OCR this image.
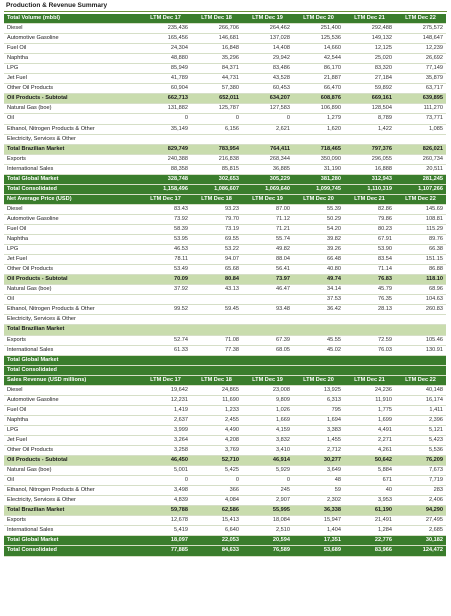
Production & Revenue Summary
Total Volume (mbbl)	LTM Dec 17	LTM Dec 18	LTM Dec 19	LTM Dec 20	LTM Dec 21	LTM Dec 22
Diesel	235,436	266,706	264,462	251,400	292,488	275,572
Automotive Gasoline	165,456	146,681	137,028	125,536	149,132	148,647
Fuel Oil	24,304	16,848	14,408	14,660	12,125	12,239
Naphtha	48,880	35,296	29,942	42,544	25,020	26,692
LPG	85,949	84,371	83,486	86,170	83,320	77,149
Jet Fuel	41,789	44,731	43,528	21,887	27,184	35,879
Other Oil Products	60,904	57,380	60,453	66,470	59,892	63,717
Oil Products - Subtotal	662,713	652,011	634,207	608,876	669,161	639,895
Natural Gas (boe)	131,882	125,787	127,583	106,890	128,504	111,270
Oil	0	0	0	1,279	8,789	73,771
Ethanol, Nitrogen Products & Other	35,149	6,156	2,621	1,620	1,422	1,085
Electricity, Services & Other						
Total Brazilian Market	829,749	783,954	764,411	718,465	797,376	826,021
Exports	240,388	216,838	268,344	350,090	296,055	260,734
International Sales	88,358	85,815	36,885	31,190	16,888	20,511
Total Global Market	328,748	302,653	305,229	381,280	312,943	281,245
Total Consolidated	1,158,496	1,086,607	1,069,640	1,099,745	1,110,319	1,107,266
Net Average Price (USD)	LTM Dec 17	LTM Dec 18	LTM Dec 19	LTM Dec 20	LTM Dec 21	LTM Dec 22
Diesel	83.43	93.23	87.00	55.39	82.86	145.69
Automotive Gasoline	73.92	79.70	71.12	50.29	79.86	108.81
Fuel Oil	58.39	73.19	71.21	54.20	80.23	115.29
Naphtha	53.95	69.55	55.74	39.82	67.91	89.76
LPG	46.53	53.22	49.82	39.26	53.90	66.38
Jet Fuel	78.11	94.07	88.04	66.48	83.54	151.15
Other Oil Products	53.49	65.68	56.41	40.80	71.14	86.88
Oil Products - Subtotal	70.09	80.84	73.97	49.74	76.83	118.10
Natural Gas (boe)	37.92	43.13	46.47	34.14	45.79	68.96
Oil				37.53	76.35	104.63
Ethanol, Nitrogen Products & Other	99.52	59.45	93.48	36.42	28.13	260.83
Electricity, Services & Other						
Total Brazilian Market						
Exports	52.74	71.08	67.39	45.55	72.59	105.46
International Sales	61.33	77.38	68.05	45.02	76.03	130.91
Total Global Market						
Total Consolidated						
Sales Revenue (USD millions)	LTM Dec 17	LTM Dec 18	LTM Dec 19	LTM Dec 20	LTM Dec 21	LTM Dec 22
Diesel	19,642	24,865	23,008	13,925	24,236	40,148
Automotive Gasoline	12,231	11,690	9,809	6,313	11,910	16,174
Fuel Oil	1,419	1,233	1,026	795	1,775	1,411
Naphtha	2,637	2,455	1,669	1,694	1,699	2,396
LPG	3,999	4,490	4,159	3,383	4,491	5,121
Jet Fuel	3,264	4,208	3,832	1,455	2,271	5,423
Other Oil Products	3,258	3,769	3,410	2,712	4,261	5,536
Oil Products - Subtotal	46,450	52,710	46,914	30,277	50,642	76,209
Natural Gas (boe)	5,001	5,425	5,929	3,649	5,884	7,673
Oil	0	0	0	48	671	7,719
Ethanol, Nitrogen Products & Other	3,498	366	245	59	40	283
Electricity, Services & Other	4,839	4,084	2,907	2,302	3,953	2,406
Total Brazilian Market	59,788	62,586	55,995	36,338	61,190	94,290
Exports	12,678	15,413	18,084	15,947	21,491	27,495
International Sales	5,419	6,640	2,510	1,404	1,284	2,685
Total Global Market	18,097	22,053	20,594	17,351	22,776	30,182
Total Consolidated	77,885	84,633	76,589	53,689	83,966	124,472
